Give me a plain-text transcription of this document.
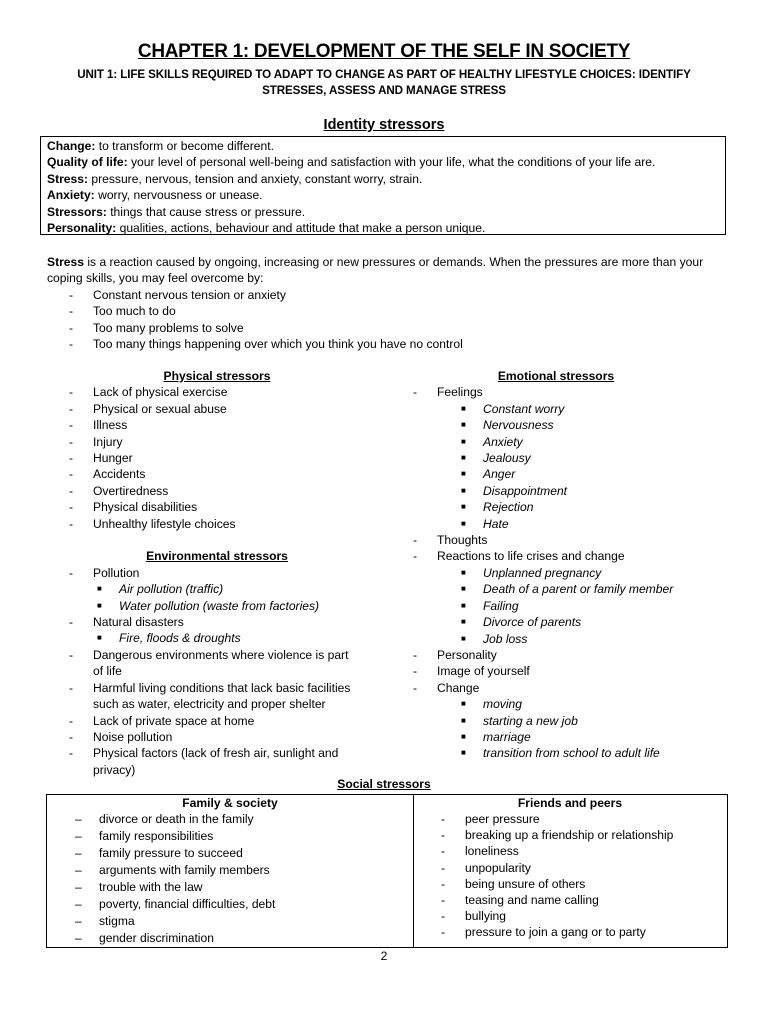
CHAPTER 1: DEVELOPMENT OF THE SELF IN SOCIETY
UNIT 1: LIFE SKILLS REQUIRED TO ADAPT TO CHANGE AS PART OF HEALTHY LIFESTYLE CHOICES: IDENTIFY STRESSES, ASSESS AND MANAGE STRESS
Identity stressors
Change: to transform or become different.
Quality of life: your level of personal well-being and satisfaction with your life, what the conditions of your life are.
Stress: pressure, nervous, tension and anxiety, constant worry, strain.
Anxiety: worry, nervousness or unease.
Stressors: things that cause stress or pressure.
Personality: qualities, actions, behaviour and attitude that make a person unique.
Stress is a reaction caused by ongoing, increasing or new pressures or demands. When the pressures are more than your coping skills, you may feel overcome by:
- Constant nervous tension or anxiety
- Too much to do
- Too many problems to solve
- Too many things happening over which you think you have no control
Physical stressors
- Lack of physical exercise
- Physical or sexual abuse
- Illness
- Injury
- Hunger
- Accidents
- Overtiredness
- Physical disabilities
- Unhealthy lifestyle choices
Environmental stressors
- Pollution
■ Air pollution (traffic)
■ Water pollution (waste from factories)
- Natural disasters
■ Fire, floods & droughts
- Dangerous environments where violence is part
of life
- Harmful living conditions that lack basic facilities
such as water, electricity and proper shelter
- Lack of private space at home
- Noise pollution
- Physical factors (lack of fresh air, sunlight and
privacy)
Emotional stressors
- Feelings
■ Constant worry
■ Nervousness
■ Anxiety
■ Jealousy
■ Anger
■ Disappointment
■ Rejection
■ Hate
- Thoughts
- Reactions to life crises and change
■ Unplanned pregnancy
■ Death of a parent or family member
■ Failing
■ Divorce of parents
■ Job loss
- Personality
- Image of yourself
- Change
■ moving
■ starting a new job
■ marriage
■ transition from school to adult life
Social stressors
Family & society
– divorce or death in the family
– family responsibilities
– family pressure to succeed
– arguments with family members
– trouble with the law
– poverty, financial difficulties, debt
– stigma
– gender discrimination
Friends and peers
- peer pressure
- breaking up a friendship or relationship
- loneliness
- unpopularity
- being unsure of others
- teasing and name calling
- bullying
- pressure to join a gang or to party
2
